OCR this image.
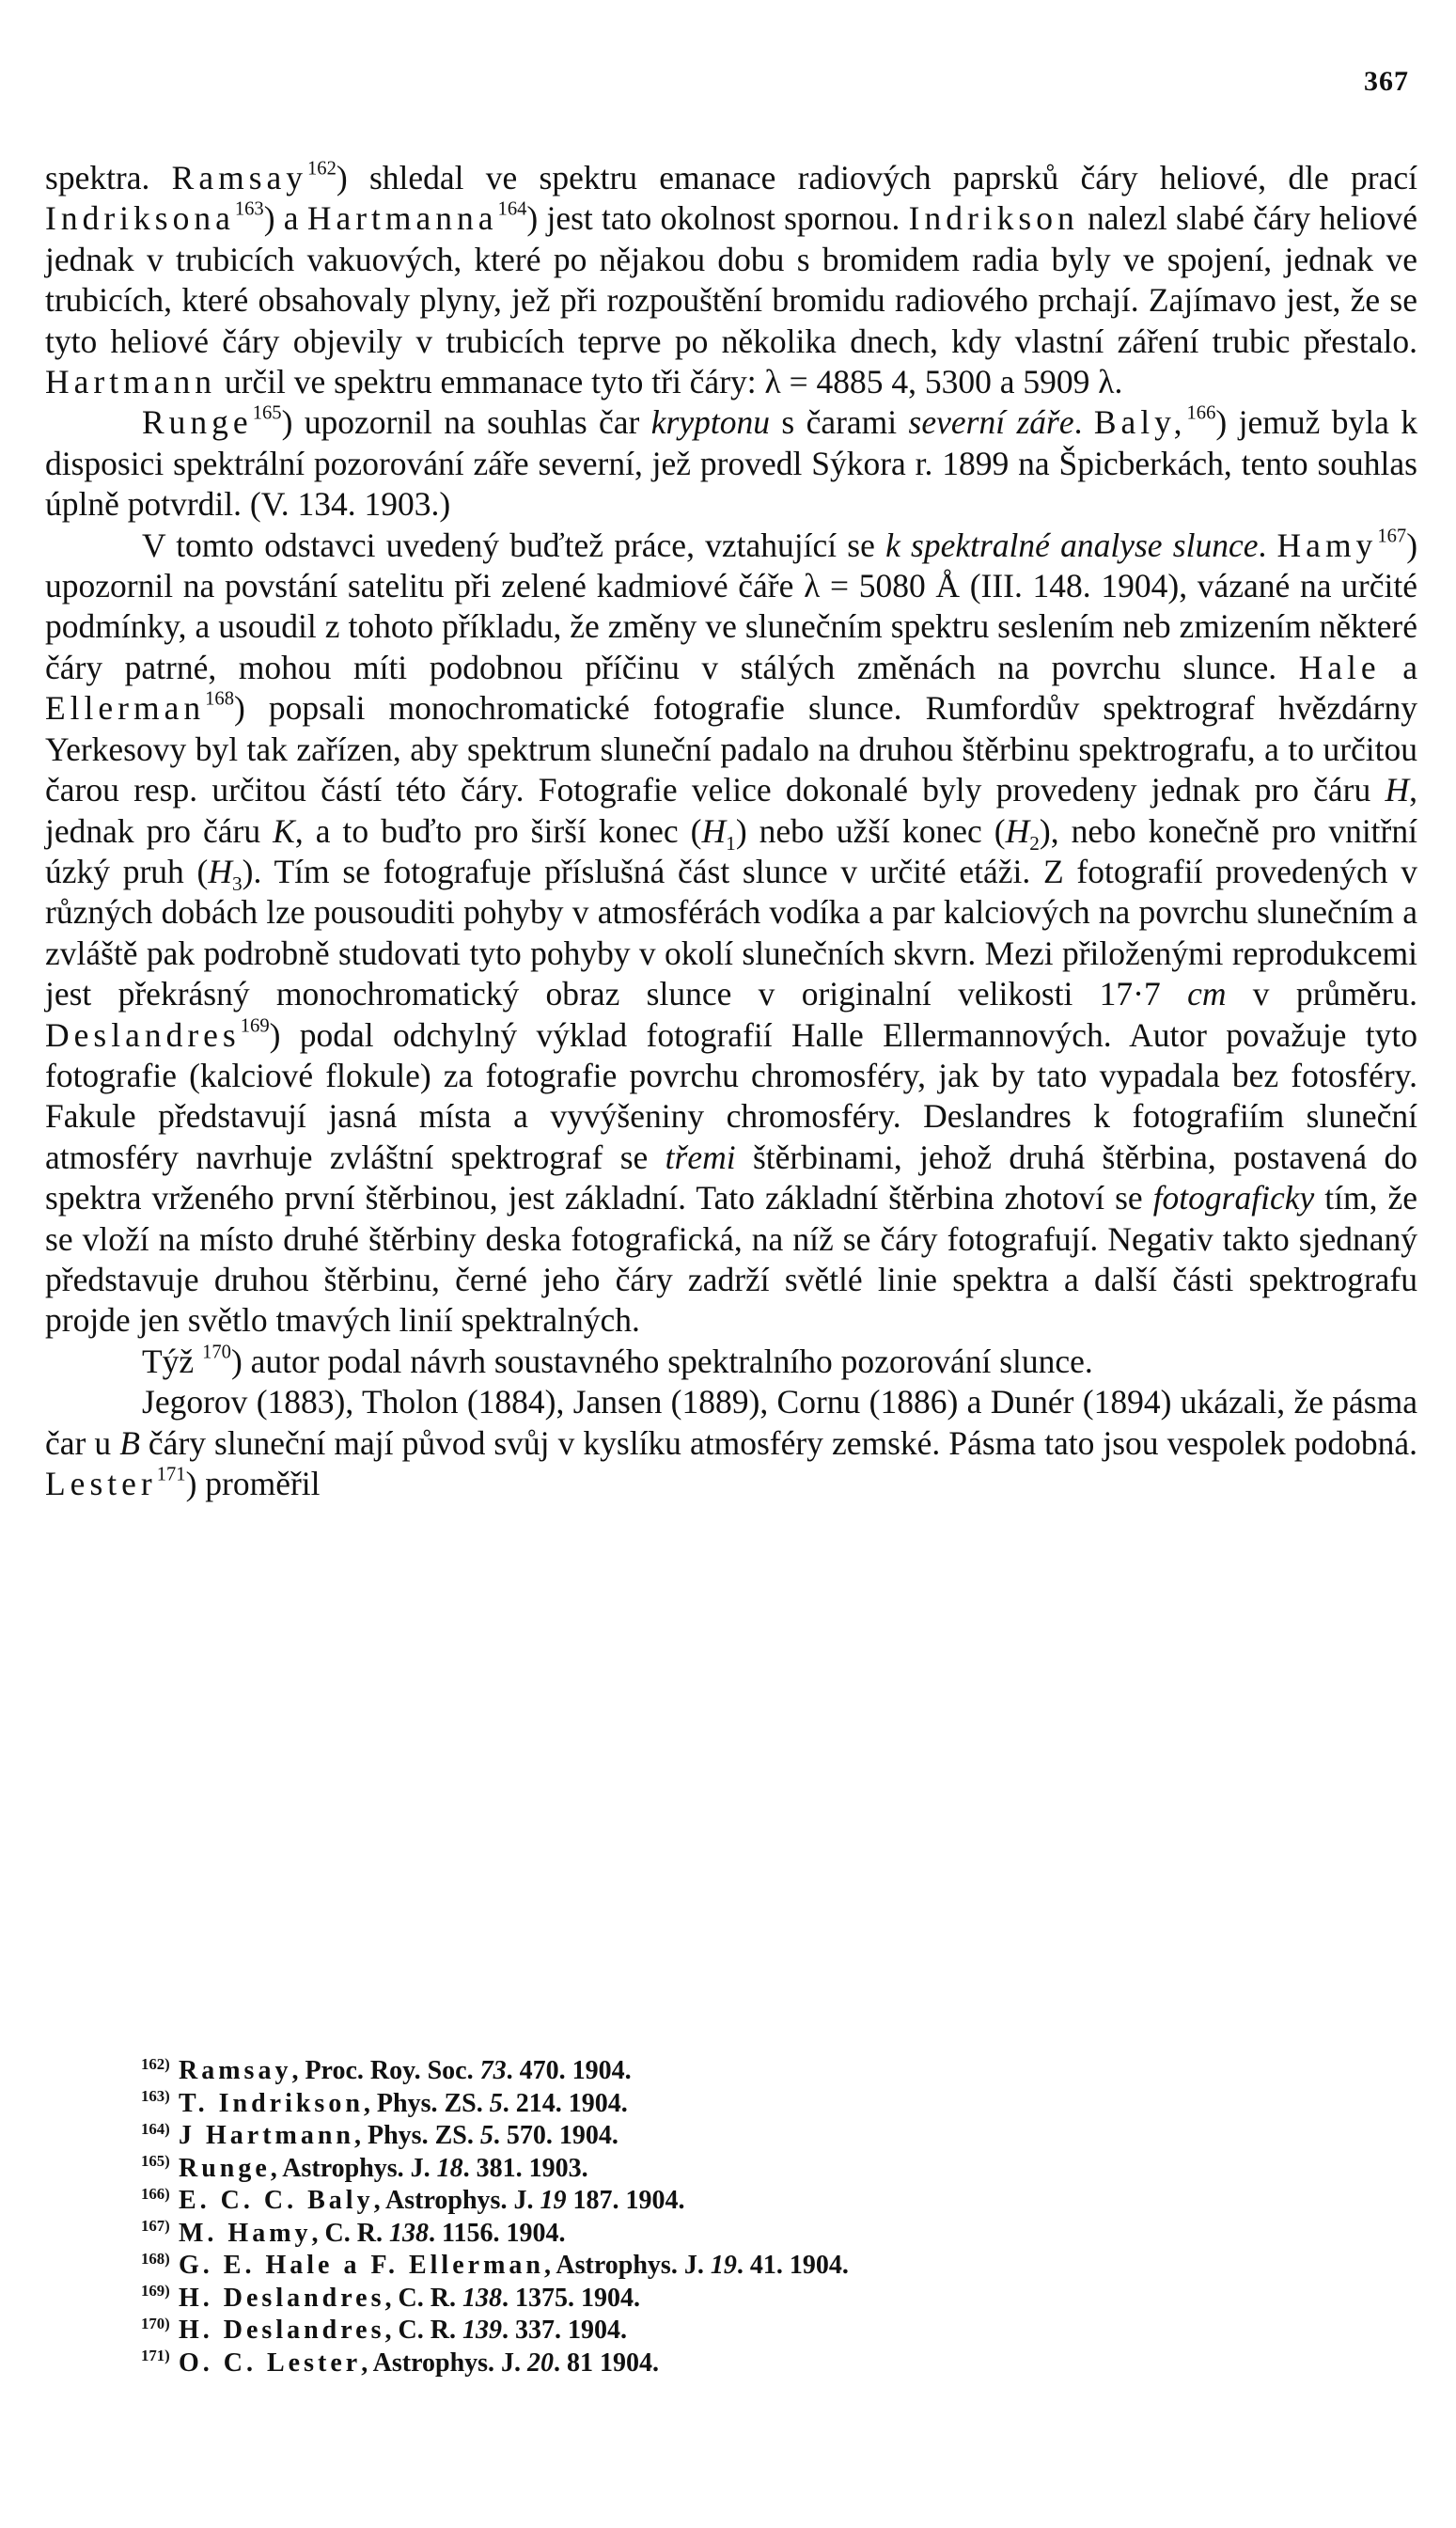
367

spektra. Ramsay$^{162}$) shledal ve spektru emanace radiových paprsků čáry heliové, dle prací Indriksona$^{163}$) a Hartmanna$^{164}$) jest tato okolnost spornou. Indrikson nalezl slabé čáry heliové jednak v trubicích vakuových, které po nějakou dobu s bromidem radia byly ve spojení, jednak ve trubicích, které obsahovaly plyny, jež při rozpouštění bromidu radiového prchají. Zajímavo jest, že se tyto heliové čáry objevily v trubicích teprve po několika dnech, kdy vlastní záření trubic přestalo. Hartmann určil ve spektru emmanace tyto tři čáry: λ = 4885 4, 5300 a 5909 λ.

Runge$^{165}$) upozornil na souhlas čar kryptonu s čarami severní záře. Baly,$^{166}$) jemuž byla k disposici spektrální pozorování záře severní, jež provedl Sýkora r. 1899 na Špicberkách, tento souhlas úplně potvrdil. (V. 134. 1903.)

V tomto odstavci uvedený buďtež práce, vztahující se k spektralné analyse slunce. Hamy$^{167}$) upozornil na povstání satelitu při zelené kadmiové čáře λ = 5080 Å (III. 148. 1904), vázané na určité podmínky, a usoudil z tohoto příkladu, že změny ve slunečním spektru seslením neb zmizením některé čáry patrné, mohou míti podobnou příčinu v stálých změnách na povrchu slunce. Hale a Ellerman$^{168}$) popsali monochromatické fotografie slunce. Rumfordův spektrograf hvězdárny Yerkesovy byl tak zařízen, aby spektrum sluneční padalo na druhou štěrbinu spektrografu, a to určitou čarou resp. určitou částí této čáry. Fotografie velice dokonalé byly provedeny jednak pro čáru H, jednak pro čáru K, a to buďto pro širší konec $(H_1)$ nebo užší konec $(H_2)$, nebo konečně pro vnitřní úzký pruh $(H_3)$. Tím se fotografuje příslušná část slunce v určité etáži. Z fotografií provedených v různých dobách lze pousouditi pohyby v atmosférách vodíka a par kalciových na povrchu slunečním a zvláště pak podrobně studovati tyto pohyby v okolí slunečních skvrn. Mezi přiloženými reprodukcemi jest překrásný monochromatický obraz slunce v originalní velikosti 17·7 cm v průměru. Deslandres$^{169}$) podal odchylný výklad fotografií Halle Ellermannových. Autor považuje tyto fotografie (kalciové flokule) za fotografie povrchu chromosféry, jak by tato vypadala bez fotosféry. Fakule představují jasná místa a vyvýšeniny chromosféry. Deslandres k fotografiím sluneční atmosféry navrhuje zvláštní spektrograf se třemi štěrbinami, jehož druhá štěrbina, postavená do spektra vrženého první štěrbinou, jest základní. Tato základní štěrbina zhotoví se fotograficky tím, že se vloží na místo druhé štěrbiny deska fotografická, na níž se čáry fotografují. Negativ takto sjednaný představuje druhou štěrbinu, černé jeho čáry zadrží světlé linie spektra a další části spektrografu projde jen světlo tmavých linií spektralných.

Týž $^{170}$) autor podal návrh soustavného spektralního pozorování slunce.

Jegorov (1883), Tholon (1884), Jansen (1889), Cornu (1886) a Dunér (1894) ukázali, že pásma čar u B čáry sluneční mají původ svůj v kyslíku atmosféry zemské. Pásma tato jsou vespolek podobná. Lester$^{171}$) proměřil

162) Ramsay, Proc. Roy. Soc. 73. 470. 1904.
163) T. Indrikson, Phys. ZS. 5. 214. 1904.
164) J Hartmann, Phys. ZS. 5. 570. 1904.
165) Runge, Astrophys. J. 18. 381. 1903.
166) E. C. C. Baly, Astrophys. J. 19 187. 1904.
167) M. Hamy, C. R. 138. 1156. 1904.
168) G. E. Hale a F. Ellerman, Astrophys. J. 19. 41. 1904.
169) H. Deslandres, C. R. 138. 1375. 1904.
170) H. Deslandres, C. R. 139. 337. 1904.
171) O. C. Lester, Astrophys. J. 20. 81 1904.
